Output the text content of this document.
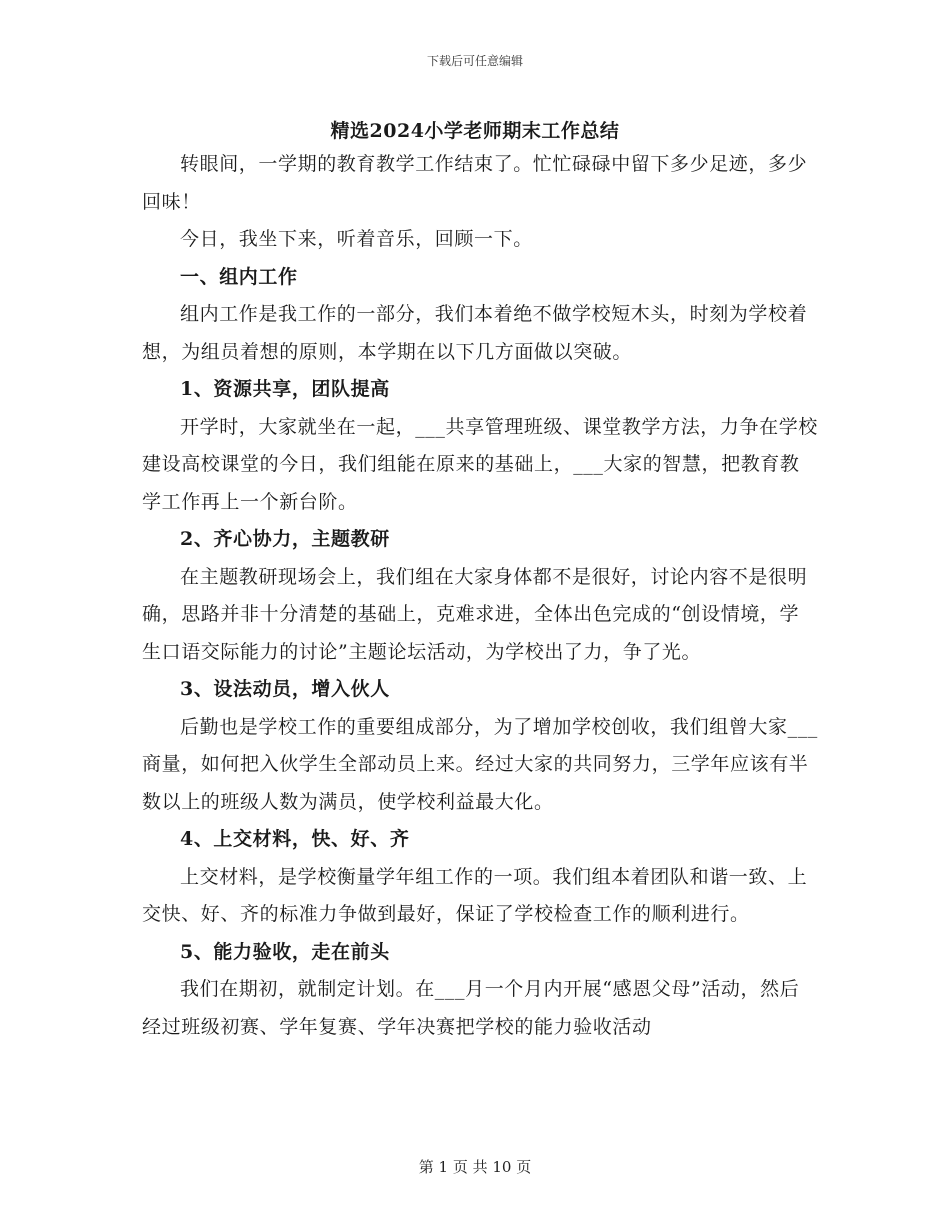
下载后可任意编辑
精选2024小学老师期末工作总结

转眼间，一学期的教育教学工作结束了。忙忙碌碌中留下多少足迹，多少回味！

今日，我坐下来，听着音乐，回顾一下。

一、组内工作

组内工作是我工作的一部分，我们本着绝不做学校短木头，时刻为学校着想，为组员着想的原则，本学期在以下几方面做以突破。

1、资源共享，团队提高

开学时，大家就坐在一起，___共享管理班级、课堂教学方法，力争在学校建设高校课堂的今日，我们组能在原来的基础上，___大家的智慧，把教育教学工作再上一个新台阶。

2、齐心协力，主题教研

在主题教研现场会上，我们组在大家身体都不是很好，讨论内容不是很明确，思路并非十分清楚的基础上，克难求进，全体出色完成的“创设情境，学生口语交际能力的讨论”主题论坛活动，为学校出了力，争了光。

3、设法动员，增入伙人

后勤也是学校工作的重要组成部分，为了增加学校创收，我们组曾大家___商量，如何把入伙学生全部动员上来。经过大家的共同努力，三学年应该有半数以上的班级人数为满员，使学校利益最大化。

4、上交材料，快、好、齐

上交材料，是学校衡量学年组工作的一项。我们组本着团队和谐一致、上交快、好、齐的标准力争做到最好，保证了学校检查工作的顺利进行。

5、能力验收，走在前头

我们在期初，就制定计划。在___月一个月内开展“感恩父母”活动，然后经过班级初赛、学年复赛、学年决赛把学校的能力验收活动

第 1 页 共 10 页
